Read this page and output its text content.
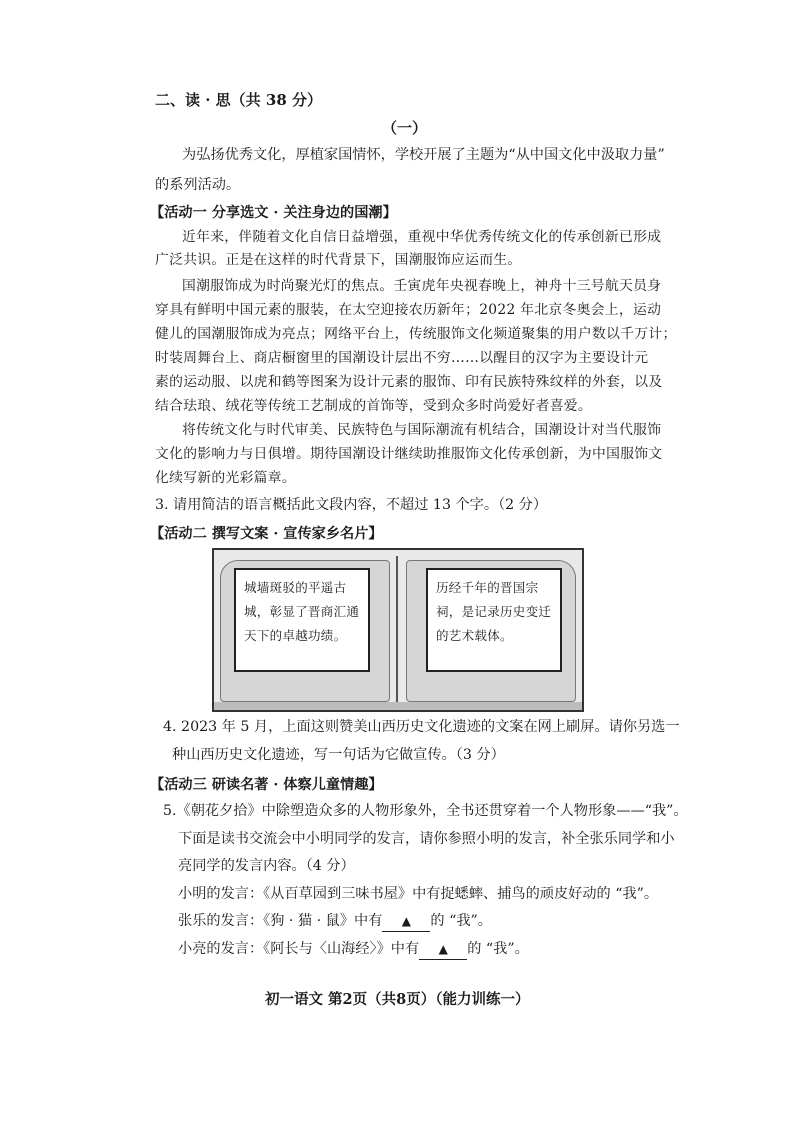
二、读 · 思（共 38 分）
（一）
为弘扬优秀文化，厚植家国情怀，学校开展了主题为“从中国文化中汲取力量”
的系列活动。
【活动一 分享选文 · 关注身边的国潮】
近年来，伴随着文化自信日益增强，重视中华优秀传统文化的传承创新已形成
广泛共识。正是在这样的时代背景下，国潮服饰应运而生。
国潮服饰成为时尚聚光灯的焦点。壬寅虎年央视春晚上，神舟十三号航天员身
穿具有鲜明中国元素的服装，在太空迎接农历新年；2022 年北京冬奥会上，运动
健儿的国潮服饰成为亮点；网络平台上，传统服饰文化频道聚集的用户数以千万计；
时装周舞台上、商店橱窗里的国潮设计层出不穷……以醒目的汉字为主要设计元
素的运动服、以虎和鹤等图案为设计元素的服饰、印有民族特殊纹样的外套，以及
结合珐琅、绒花等传统工艺制成的首饰等，受到众多时尚爱好者喜爱。
将传统文化与时代审美、民族特色与国际潮流有机结合，国潮设计对当代服饰
文化的影响力与日俱增。期待国潮设计继续助推服饰文化传承创新，为中国服饰文
化续写新的光彩篇章。
3. 请用简洁的语言概括此文段内容，不超过 13 个字。（2 分）
【活动二 撰写文案 · 宣传家乡名片】
城墙斑驳的平遥古城，彰显了晋商汇通天下的卓越功绩。
历经千年的晋国宗祠，是记录历史变迁的艺术载体。
4. 2023 年 5 月，上面这则赞美山西历史文化遗迹的文案在网上刷屏。请你另选一
种山西历史文化遗迹，写一句话为它做宣传。（3 分）
【活动三 研读名著 · 体察儿童情趣】
5.《朝花夕拾》中除塑造众多的人物形象外，全书还贯穿着一个人物形象——“我”。
下面是读书交流会中小明同学的发言，请你参照小明的发言，补全张乐同学和小
亮同学的发言内容。（4 分）
小明的发言：《从百草园到三味书屋》中有捉蟋蟀、捕鸟的顽皮好动的 “我”。
张乐的发言：《狗 · 猫 · 鼠》中有 ▲ 的 “我”。
小亮的发言：《阿长与〈山海经〉》中有 ▲ 的 “我”。
初一语文 第2页（共8页）（能力训练一）
